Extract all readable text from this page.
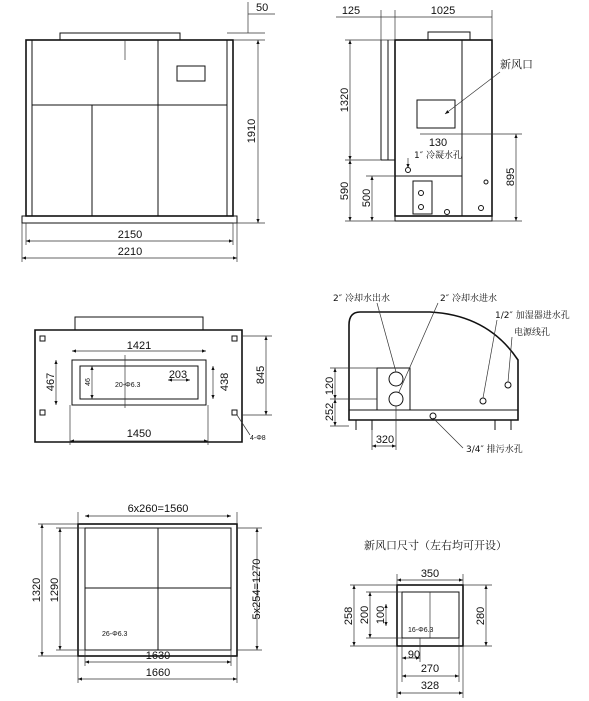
1910
50
2150
2210
125	1025
1320
590 500
895
130
新风口
1″ 冷凝水孔
1421
1450
467	46	20-Φ6.3
203	438 845
4-Φ8
2″ 冷却水出水	2″ 冷却水进水
1/2″ 加湿器进水孔
电源线孔
3/4″ 排污水孔
120
252
320
6x260=1560
1320 1290	5x254=1270
26-Φ6.3
1630
1660
新风口尺寸（左右均可开设）
350
258 200 100
16-Φ6.3
280
90
270
328
